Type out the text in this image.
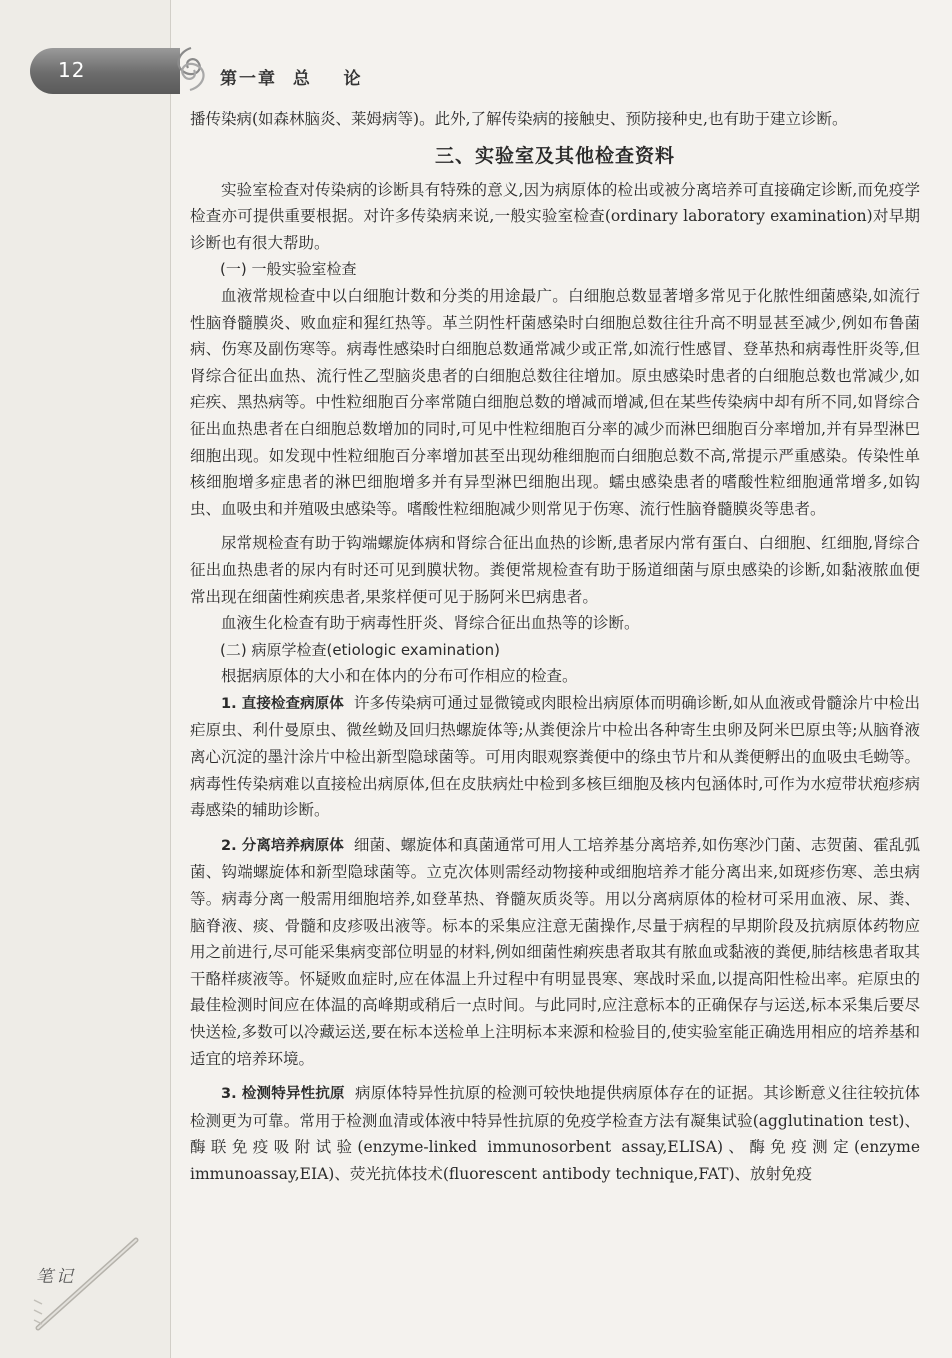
12	第一章  总    论

播传染病(如森林脑炎、莱姆病等)。此外,了解传染病的接触史、预防接种史,也有助于建立诊断。

三、实验室及其他检查资料

实验室检查对传染病的诊断具有特殊的意义,因为病原体的检出或被分离培养可直接确定诊断,而免疫学检查亦可提供重要根据。对许多传染病来说,一般实验室检查(ordinary laboratory examination)对早期诊断也有很大帮助。

(一) 一般实验室检查

血液常规检查中以白细胞计数和分类的用途最广。白细胞总数显著增多常见于化脓性细菌感染,如流行性脑脊髓膜炎、败血症和猩红热等。革兰阴性杆菌感染时白细胞总数往往升高不明显甚至减少,例如布鲁菌病、伤寒及副伤寒等。病毒性感染时白细胞总数通常减少或正常,如流行性感冒、登革热和病毒性肝炎等,但肾综合征出血热、流行性乙型脑炎患者的白细胞总数往往增加。原虫感染时患者的白细胞总数也常减少,如疟疾、黑热病等。中性粒细胞百分率常随白细胞总数的增减而增减,但在某些传染病中却有所不同,如肾综合征出血热患者在白细胞总数增加的同时,可见中性粒细胞百分率的减少而淋巴细胞百分率增加,并有异型淋巴细胞出现。如发现中性粒细胞百分率增加甚至出现幼稚细胞而白细胞总数不高,常提示严重感染。传染性单核细胞增多症患者的淋巴细胞增多并有异型淋巴细胞出现。蠕虫感染患者的嗜酸性粒细胞通常增多,如钩虫、血吸虫和并殖吸虫感染等。嗜酸性粒细胞减少则常见于伤寒、流行性脑脊髓膜炎等患者。

尿常规检查有助于钩端螺旋体病和肾综合征出血热的诊断,患者尿内常有蛋白、白细胞、红细胞,肾综合征出血热患者的尿内有时还可见到膜状物。粪便常规检查有助于肠道细菌与原虫感染的诊断,如黏液脓血便常出现在细菌性痢疾患者,果浆样便可见于肠阿米巴病患者。

血液生化检查有助于病毒性肝炎、肾综合征出血热等的诊断。

(二) 病原学检查(etiologic examination)

根据病原体的大小和在体内的分布可作相应的检查。

1. 直接检查病原体 许多传染病可通过显微镜或肉眼检出病原体而明确诊断,如从血液或骨髓涂片中检出疟原虫、利什曼原虫、微丝蚴及回归热螺旋体等;从粪便涂片中检出各种寄生虫卵及阿米巴原虫等;从脑脊液离心沉淀的墨汁涂片中检出新型隐球菌等。可用肉眼观察粪便中的绦虫节片和从粪便孵出的血吸虫毛蚴等。病毒性传染病难以直接检出病原体,但在皮肤病灶中检到多核巨细胞及核内包涵体时,可作为水痘带状疱疹病毒感染的辅助诊断。

2. 分离培养病原体 细菌、螺旋体和真菌通常可用人工培养基分离培养,如伤寒沙门菌、志贺菌、霍乱弧菌、钩端螺旋体和新型隐球菌等。立克次体则需经动物接种或细胞培养才能分离出来,如斑疹伤寒、恙虫病等。病毒分离一般需用细胞培养,如登革热、脊髓灰质炎等。用以分离病原体的检材可采用血液、尿、粪、脑脊液、痰、骨髓和皮疹吸出液等。标本的采集应注意无菌操作,尽量于病程的早期阶段及抗病原体药物应用之前进行,尽可能采集病变部位明显的材料,例如细菌性痢疾患者取其有脓血或黏液的粪便,肺结核患者取其干酪样痰液等。怀疑败血症时,应在体温上升过程中有明显畏寒、寒战时采血,以提高阳性检出率。疟原虫的最佳检测时间应在体温的高峰期或稍后一点时间。与此同时,应注意标本的正确保存与运送,标本采集后要尽快送检,多数可以冷藏运送,要在标本送检单上注明标本来源和检验目的,使实验室能正确选用相应的培养基和适宜的培养环境。

3. 检测特异性抗原 病原体特异性抗原的检测可较快地提供病原体存在的证据。其诊断意义往往较抗体检测更为可靠。常用于检测血清或体液中特异性抗原的免疫学检查方法有凝集试验(agglutination test)、酶联免疫吸附试验(enzyme-linked immunosorbent assay,ELISA)、酶免疫测定(enzyme immunoassay,EIA)、荧光抗体技术(fluorescent antibody technique,FAT)、放射免疫

笔记
